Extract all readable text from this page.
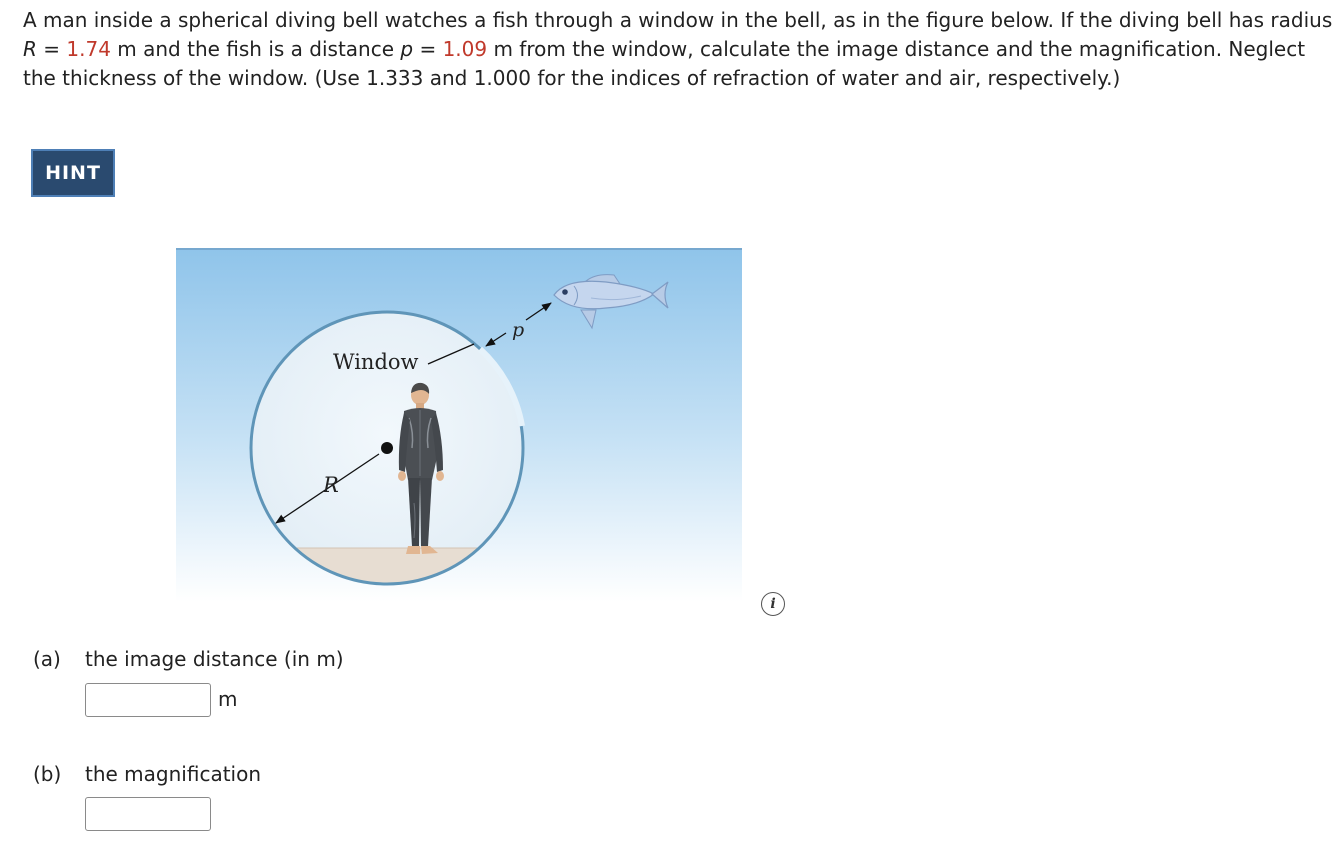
A man inside a spherical diving bell watches a fish through a window in the bell, as in the figure below. If the diving bell has radius R = 1.74 m and the fish is a distance p = 1.09 m from the window, calculate the image distance and the magnification. Neglect the thickness of the window. (Use 1.333 and 1.000 for the indices of refraction of water and air, respectively.)

HINT
R
Window
p
i
(a) the image distance (in m)
m
(b) the magnification
